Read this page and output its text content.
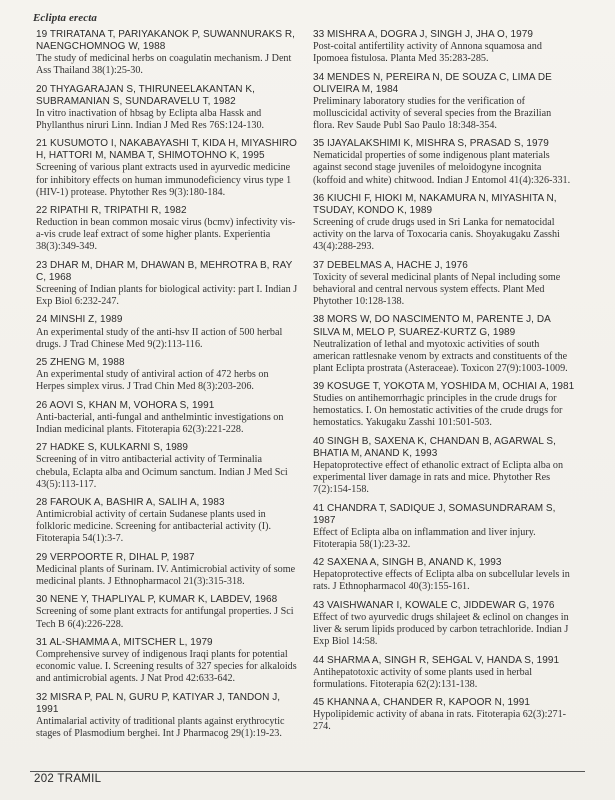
Eclipta erecta
19 TRIRATANA T, PARIYAKANOK P, SUWANNURAKS R, NAENGCHOMNOG W, 1988
The study of medicinal herbs on coagulatin mechanism. J Dent Ass Thailand 38(1):25-30.
20 THYAGARAJAN S, THIRUNEELAKANTAN K, SUBRAMANIAN S, SUNDARAVELU T, 1982
In vitro inactivation of hbsag by Eclipta alba Hassk and Phyllanthus niruri Linn. Indian J Med Res 76S:124-130.
21 KUSUMOTO I, NAKABAYASHI T, KIDA H, MIYASHIRO H, HATTORI M, NAMBA T, SHIMOTOHNO K, 1995
Screening of various plant extracts used in ayurvedic medicine for inhibitory effects on human immunodeficiency virus type 1 (HIV-1) protease. Phytother Res 9(3):180-184.
22 RIPATHI R, TRIPATHI R, 1982
Reduction in bean common mosaic virus (bcmv) infectivity vis-a-vis crude leaf extract of some higher plants. Experientia 38(3):349-349.
23 DHAR M, DHAR M, DHAWAN B, MEHROTRA B, RAY C, 1968
Screening of Indian plants for biological activity: part I. Indian J Exp Biol 6:232-247.
24 MINSHI Z, 1989
An experimental study of the anti-hsv II action of 500 herbal drugs. J Trad Chinese Med 9(2):113-116.
25 ZHENG M, 1988
An experimental study of antiviral action of 472 herbs on Herpes simplex virus. J Trad Chin Med 8(3):203-206.
26 AOVI S, KHAN M, VOHORA S, 1991
Anti-bacterial, anti-fungal and anthelmintic investigations on Indian medicinal plants. Fitoterapia 62(3):221-228.
27 HADKE S, KULKARNI S, 1989
Screening of in vitro antibacterial activity of Terminalia chebula, Eclapta alba and Ocimum sanctum. Indian J Med Sci 43(5):113-117.
28 FAROUK A, BASHIR A, SALIH A, 1983
Antimicrobial activity of certain Sudanese plants used in folkloric medicine. Screening for antibacterial activity (I). Fitoterapia 54(1):3-7.
29 VERPOORTE R, DIHAL P, 1987
Medicinal plants of Surinam. IV. Antimicrobial activity of some medicinal plants. J Ethnopharmacol 21(3):315-318.
30 NENE Y, THAPLIYAL P, KUMAR K, LABDEV, 1968
Screening of some plant extracts for antifungal properties. J Sci Tech B 6(4):226-228.
31 AL-SHAMMA A, MITSCHER L, 1979
Comprehensive survey of indigenous Iraqi plants for potential economic value. I. Screening results of 327 species for alkaloids and antimicrobial agents. J Nat Prod 42:633-642.
32 MISRA P, PAL N, GURU P, KATIYAR J, TANDON J, 1991
Antimalarial activity of traditional plants against erythrocytic stages of Plasmodium berghei. Int J Pharmacog 29(1):19-23.
33 MISHRA A, DOGRA J, SINGH J, JHA O, 1979
Post-coital antifertility activity of Annona squamosa and Ipomoea fistulosa. Planta Med 35:283-285.
34 MENDES N, PEREIRA N, DE SOUZA C, LIMA DE OLIVEIRA M, 1984
Preliminary laboratory studies for the verification of molluscicidal activity of several species from the Brazilian flora. Rev Saude Publ Sao Paulo 18:348-354.
35 IJAYALAKSHIMI K, MISHRA S, PRASAD S, 1979
Nematicidal properties of some indigenous plant materials against second stage juveniles of meloidogyne incognita (koffoid and white) chitwood. Indian J Entomol 41(4):326-331.
36 KIUCHI F, HIOKI M, NAKAMURA N, MIYASHITA N, TSUDAY, KONDO K, 1989
Screening of crude drugs used in Sri Lanka for nematocidal activity on the larva of Toxocaria canis. Shoyakugaku Zasshi 43(4):288-293.
37 DEBELMAS A, HACHE J, 1976
Toxicity of several medicinal plants of Nepal including some behavioral and central nervous system effects. Plant Med Phytother 10:128-138.
38 MORS W, DO NASCIMENTO M, PARENTE J, DA SILVA M, MELO P, SUAREZ-KURTZ G, 1989
Neutralization of lethal and myotoxic activities of south american rattlesnake venom by extracts and constituents of the plant Eclipta prostrata (Asteraceae). Toxicon 27(9):1003-1009.
39 KOSUGE T, YOKOTA M, YOSHIDA M, OCHIAI A, 1981
Studies on antihemorrhagic principles in the crude drugs for hemostatics. I. On hemostatic activities of the crude drugs for hemostatics. Yakugaku Zasshi 101:501-503.
40 SINGH B, SAXENA K, CHANDAN B, AGARWAL S, BHATIA M, ANAND K, 1993
Hepatoprotective effect of ethanolic extract of Eclipta alba on experimental liver damage in rats and mice. Phytother Res 7(2):154-158.
41 CHANDRA T, SADIQUE J, SOMASUNDRARAM S, 1987
Effect of Eclipta alba on inflammation and liver injury. Fitoterapia 58(1):23-32.
42 SAXENA A, SINGH B, ANAND K, 1993
Hepatoprotective effects of Eclipta alba on subcellular levels in rats. J Ethnopharmacol 40(3):155-161.
43 VAISHWANAR I, KOWALE C, JIDDEWAR G, 1976
Effect of two ayurvedic drugs shilajeet & eclinol on changes in liver & serum lipids produced by carbon tetrachloride. Indian J Exp Biol 14:58.
44 SHARMA A, SINGH R, SEHGAL V, HANDA S, 1991
Antihepatotoxic activity of some plants used in herbal formulations. Fitoterapia 62(2):131-138.
45 KHANNA A, CHANDER R, KAPOOR N, 1991
Hypolipidemic activity of abana in rats. Fitoterapia 62(3):271-274.
202 TRAMIL
